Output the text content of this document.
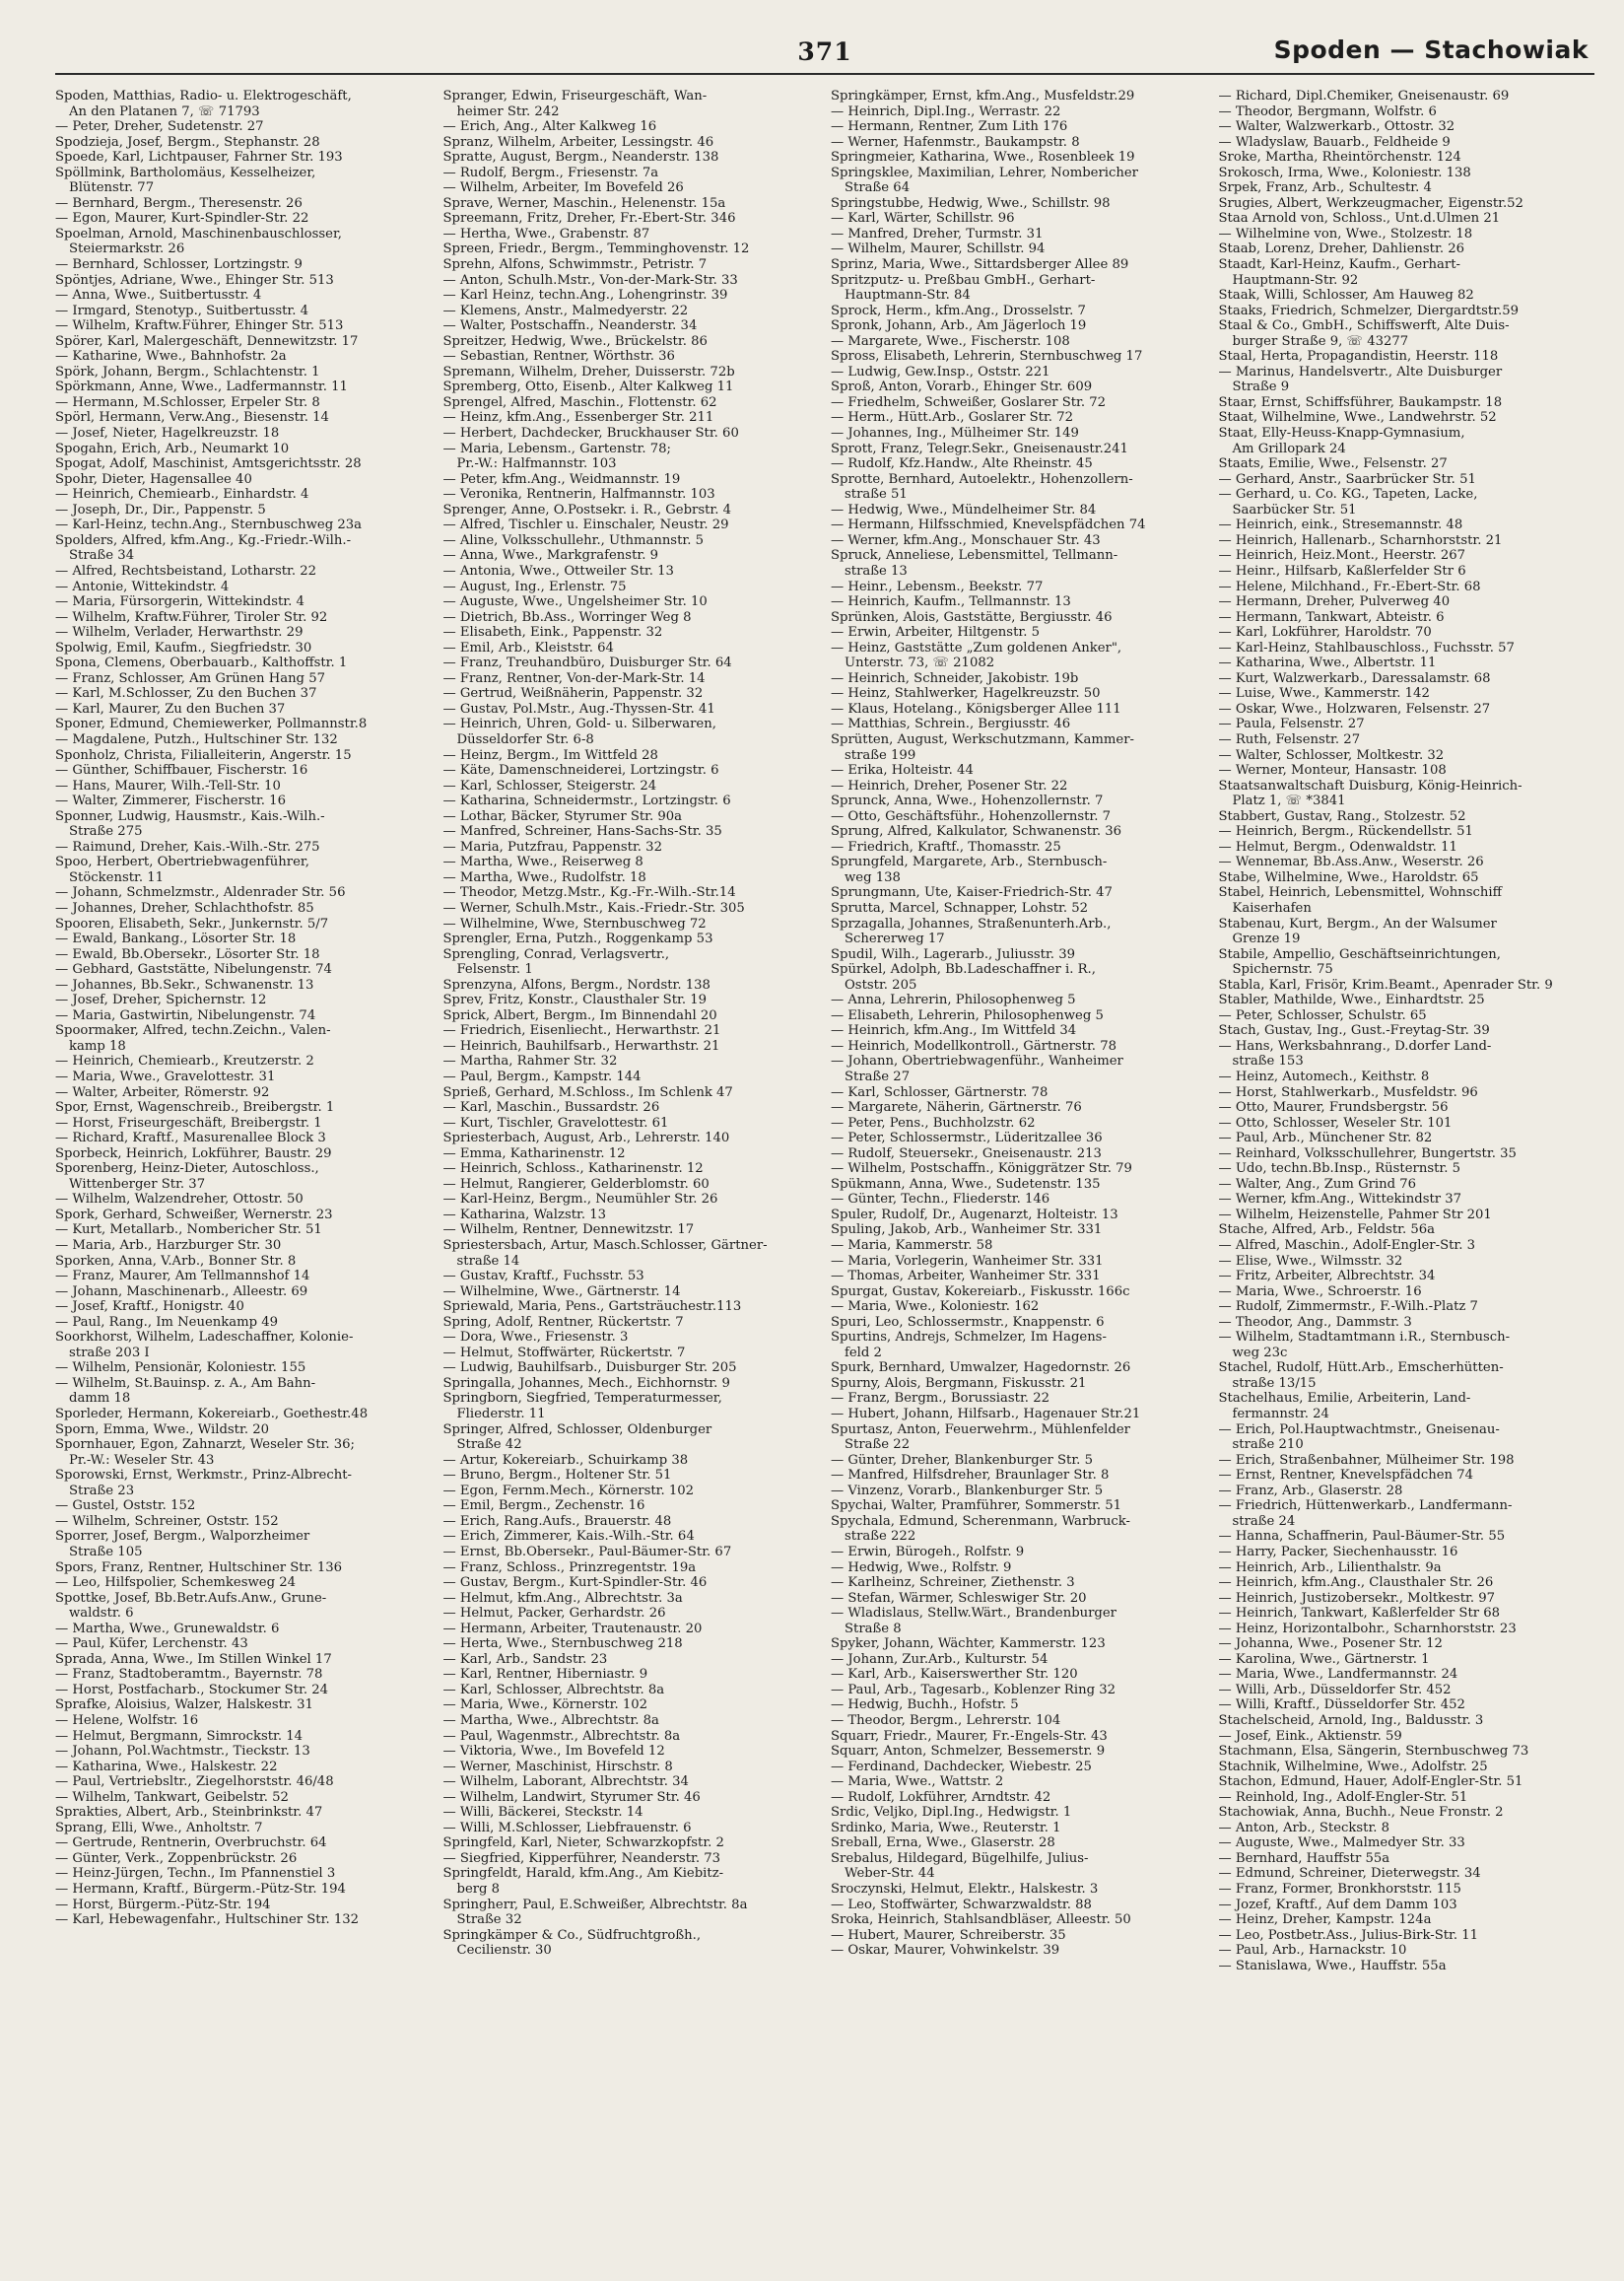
371	Spoden — Stachowiak
Spoden, Matthias, Radio- u. Elektrogeschäft,
An den Platanen 7, ☏ 71793
— Peter, Dreher, Sudetenstr. 27
Spodzieja, Josef, Bergm., Stephanstr. 28
Spoede, Karl, Lichtpauser, Fahrner Str. 193
Spöllmink, Bartholomäus, Kesselheizer,
Blütenstr. 77
— Bernhard, Bergm., Theresenstr. 26
— Egon, Maurer, Kurt-Spindler-Str. 22
Spoelman, Arnold, Maschinenbauschlosser,
Steiermarkstr. 26
— Bernhard, Schlosser, Lortzingstr. 9
Spöntjes, Adriane, Wwe., Ehinger Str. 513
— Anna, Wwe., Suitbertusstr. 4
— Irmgard, Stenotyp., Suitbertusstr. 4
— Wilhelm, Kraftw.Führer, Ehinger Str. 513
Spörer, Karl, Malergeschäft, Dennewitzstr. 17
— Katharine, Wwe., Bahnhofstr. 2a
Spörk, Johann, Bergm., Schlachtenstr. 1
Spörkmann, Anne, Wwe., Ladfermannstr. 11
— Hermann, M.Schlosser, Erpeler Str. 8
Spörl, Hermann, Verw.Ang., Biesenstr. 14
— Josef, Nieter, Hagelkreuzstr. 18
Spogahn, Erich, Arb., Neumarkt 10
Spogat, Adolf, Maschinist, Amtsgerichtsstr. 28
Spohr, Dieter, Hagensallee 40
— Heinrich, Chemiearb., Einhardstr. 4
— Joseph, Dr., Dir., Pappenstr. 5
— Karl-Heinz, techn.Ang., Sternbuschweg 23a
Spolders, Alfred, kfm.Ang., Kg.-Friedr.-Wilh.-
Straße 34
— Alfred, Rechtsbeistand, Lotharstr. 22
— Antonie, Wittekindstr. 4
— Maria, Fürsorgerin, Wittekindstr. 4
— Wilhelm, Kraftw.Führer, Tiroler Str. 92
— Wilhelm, Verlader, Herwarthstr. 29
Spolwig, Emil, Kaufm., Siegfriedstr. 30
Spona, Clemens, Oberbauarb., Kalthoffstr. 1
— Franz, Schlosser, Am Grünen Hang 57
— Karl, M.Schlosser, Zu den Buchen 37
— Karl, Maurer, Zu den Buchen 37
Sponer, Edmund, Chemiewerker, Pollmannstr.8
— Magdalene, Putzh., Hultschiner Str. 132
Sponholz, Christa, Filialleiterin, Angerstr. 15
— Günther, Schiffbauer, Fischerstr. 16
— Hans, Maurer, Wilh.-Tell-Str. 10
— Walter, Zimmerer, Fischerstr. 16
Sponner, Ludwig, Hausmstr., Kais.-Wilh.-
Straße 275
— Raimund, Dreher, Kais.-Wilh.-Str. 275
Spoo, Herbert, Obertriebwagenführer,
Stöckenstr. 11
— Johann, Schmelzmstr., Aldenrader Str. 56
— Johannes, Dreher, Schlachthofstr. 85
Spooren, Elisabeth, Sekr., Junkernstr. 5/7
— Ewald, Bankang., Lösorter Str. 18
— Ewald, Bb.Obersekr., Lösorter Str. 18
— Gebhard, Gaststätte, Nibelungenstr. 74
— Johannes, Bb.Sekr., Schwanenstr. 13
— Josef, Dreher, Spichernstr. 12
— Maria, Gastwirtin, Nibelungenstr. 74
Spoormaker, Alfred, techn.Zeichn., Valen-
kamp 18
— Heinrich, Chemiearb., Kreutzerstr. 2
— Maria, Wwe., Gravelottestr. 31
— Walter, Arbeiter, Römerstr. 92
Spor, Ernst, Wagenschreib., Breibergstr. 1
— Horst, Friseurgeschäft, Breibergstr. 1
— Richard, Kraftf., Masurenallee Block 3
Sporbeck, Heinrich, Lokführer, Baustr. 29
Sporenberg, Heinz-Dieter, Autoschloss.,
Wittenberger Str. 37
— Wilhelm, Walzendreher, Ottostr. 50
Spork, Gerhard, Schweißer, Wernerstr. 23
— Kurt, Metallarb., Nombericher Str. 51
— Maria, Arb., Harzburger Str. 30
Sporken, Anna, V.Arb., Bonner Str. 8
— Franz, Maurer, Am Tellmannshof 14
— Johann, Maschinenarb., Alleestr. 69
— Josef, Kraftf., Honigstr. 40
— Paul, Rang., Im Neuenkamp 49
Soorkhorst, Wilhelm, Ladeschaffner, Kolonie-
straße 203 I
— Wilhelm, Pensionär, Koloniestr. 155
— Wilhelm, St.Bauinsp. z. A., Am Bahn-
damm 18
Sporleder, Hermann, Kokereiarb., Goethestr.48
Sporn, Emma, Wwe., Wildstr. 20
Spornhauer, Egon, Zahnarzt, Weseler Str. 36;
Pr.-W.: Weseler Str. 43
Sporowski, Ernst, Werkmstr., Prinz-Albrecht-
Straße 23
— Gustel, Oststr. 152
— Wilhelm, Schreiner, Oststr. 152
Sporrer, Josef, Bergm., Walporzheimer
Straße 105
Spors, Franz, Rentner, Hultschiner Str. 136
— Leo, Hilfspolier, Schemkesweg 24
Spottke, Josef, Bb.Betr.Aufs.Anw., Grune-
waldstr. 6
— Martha, Wwe., Grunewaldstr. 6
— Paul, Küfer, Lerchenstr. 43
Sprada, Anna, Wwe., Im Stillen Winkel 17
— Franz, Stadtoberamtm., Bayernstr. 78
— Horst, Postfacharb., Stockumer Str. 24
Sprafke, Aloisius, Walzer, Halskestr. 31
— Helene, Wolfstr. 16
— Helmut, Bergmann, Simrockstr. 14
— Johann, Pol.Wachtmstr., Tieckstr. 13
— Katharina, Wwe., Halskestr. 22
— Paul, Vertriebsltr., Ziegelhorststr. 46/48
— Wilhelm, Tankwart, Geibelstr. 52
Sprakties, Albert, Arb., Steinbrinkstr. 47
Sprang, Elli, Wwe., Anholtstr. 7
— Gertrude, Rentnerin, Overbruchstr. 64
— Günter, Verk., Zoppenbrückstr. 26
— Heinz-Jürgen, Techn., Im Pfannenstiel 3
— Hermann, Kraftf., Bürgerm.-Pütz-Str. 194
— Horst, Bürgerm.-Pütz-Str. 194
— Karl, Hebewagenfahr., Hultschiner Str. 132
Spranger, Edwin, Friseurgeschäft, Wan-
heimer Str. 242
— Erich, Ang., Alter Kalkweg 16
Spranz, Wilhelm, Arbeiter, Lessingstr. 46
Spratte, August, Bergm., Neanderstr. 138
— Rudolf, Bergm., Friesenstr. 7a
— Wilhelm, Arbeiter, Im Bovefeld 26
Sprave, Werner, Maschin., Helenenstr. 15a
Spreemann, Fritz, Dreher, Fr.-Ebert-Str. 346
— Hertha, Wwe., Grabenstr. 87
Spreen, Friedr., Bergm., Temminghovenstr. 12
Sprehn, Alfons, Schwimmstr., Petristr. 7
— Anton, Schulh.Mstr., Von-der-Mark-Str. 33
— Karl Heinz, techn.Ang., Lohengrinstr. 39
— Klemens, Anstr., Malmedyerstr. 22
— Walter, Postschaffn., Neanderstr. 34
Spreitzer, Hedwig, Wwe., Brückelstr. 86
— Sebastian, Rentner, Wörthstr. 36
Spremann, Wilhelm, Dreher, Duisserstr. 72b
Spremberg, Otto, Eisenb., Alter Kalkweg 11
Sprengel, Alfred, Maschin., Flottenstr. 62
— Heinz, kfm.Ang., Essenberger Str. 211
— Herbert, Dachdecker, Bruckhauser Str. 60
— Maria, Lebensm., Gartenstr. 78;
Pr.-W.: Halfmannstr. 103
— Peter, kfm.Ang., Weidmannstr. 19
— Veronika, Rentnerin, Halfmannstr. 103
Sprenger, Anne, O.Postsekr. i. R., Gebrstr. 4
— Alfred, Tischler u. Einschaler, Neustr. 29
— Aline, Volksschullehr., Uthmannstr. 5
— Anna, Wwe., Markgrafenstr. 9
— Antonia, Wwe., Ottweiler Str. 13
— August, Ing., Erlenstr. 75
— Auguste, Wwe., Ungelsheimer Str. 10
— Dietrich, Bb.Ass., Worringer Weg 8
— Elisabeth, Eink., Pappenstr. 32
— Emil, Arb., Kleiststr. 64
— Franz, Treuhandbüro, Duisburger Str. 64
— Franz, Rentner, Von-der-Mark-Str. 14
— Gertrud, Weißnäherin, Pappenstr. 32
— Gustav, Pol.Mstr., Aug.-Thyssen-Str. 41
— Heinrich, Uhren, Gold- u. Silberwaren,
Düsseldorfer Str. 6-8
— Heinz, Bergm., Im Wittfeld 28
— Käte, Damenschneiderei, Lortzingstr. 6
— Karl, Schlosser, Steigerstr. 24
— Katharina, Schneidermstr., Lortzingstr. 6
— Lothar, Bäcker, Styrumer Str. 90a
— Manfred, Schreiner, Hans-Sachs-Str. 35
— Maria, Putzfrau, Pappenstr. 32
— Martha, Wwe., Reiserweg 8
— Martha, Wwe., Rudolfstr. 18
— Theodor, Metzg.Mstr., Kg.-Fr.-Wilh.-Str.14
— Werner, Schulh.Mstr., Kais.-Friedr.-Str. 305
— Wilhelmine, Wwe, Sternbuschweg 72
Sprengler, Erna, Putzh., Roggenkamp 53
Sprengling, Conrad, Verlagsvertr.,
Felsenstr. 1
Sprenzyna, Alfons, Bergm., Nordstr. 138
Sprev, Fritz, Konstr., Clausthaler Str. 19
Sprick, Albert, Bergm., Im Binnendahl 20
— Friedrich, Eisenliecht., Herwarthstr. 21
— Heinrich, Bauhilfsarb., Herwarthstr. 21
— Martha, Rahmer Str. 32
— Paul, Bergm., Kampstr. 144
Sprieß, Gerhard, M.Schloss., Im Schlenk 47
— Karl, Maschin., Bussardstr. 26
— Kurt, Tischler, Gravelottestr. 61
Spriesterbach, August, Arb., Lehrerstr. 140
— Emma, Katharinenstr. 12
— Heinrich, Schloss., Katharinenstr. 12
— Helmut, Rangierer, Gelderblomstr. 60
— Karl-Heinz, Bergm., Neumühler Str. 26
— Katharina, Walzstr. 13
— Wilhelm, Rentner, Dennewitzstr. 17
Spriestersbach, Artur, Masch.Schlosser, Gärtner-
straße 14
— Gustav, Kraftf., Fuchsstr. 53
— Wilhelmine, Wwe., Gärtnerstr. 14
Spriewald, Maria, Pens., Gartsträuchestr.113
Spring, Adolf, Rentner, Rückertstr. 7
— Dora, Wwe., Friesenstr. 3
— Helmut, Stoffwärter, Rückertstr. 7
— Ludwig, Bauhilfsarb., Duisburger Str. 205
Springalla, Johannes, Mech., Eichhornstr. 9
Springborn, Siegfried, Temperaturmesser,
Fliederstr. 11
Springer, Alfred, Schlosser, Oldenburger
Straße 42
— Artur, Kokereiarb., Schuirkamp 38
— Bruno, Bergm., Holtener Str. 51
— Egon, Fernm.Mech., Körnerstr. 102
— Emil, Bergm., Zechenstr. 16
— Erich, Rang.Aufs., Brauerstr. 48
— Erich, Zimmerer, Kais.-Wilh.-Str. 64
— Ernst, Bb.Obersekr., Paul-Bäumer-Str. 67
— Franz, Schloss., Prinzregentstr. 19a
— Gustav, Bergm., Kurt-Spindler-Str. 46
— Helmut, kfm.Ang., Albrechtstr. 3a
— Helmut, Packer, Gerhardstr. 26
— Hermann, Arbeiter, Trautenaustr. 20
— Herta, Wwe., Sternbuschweg 218
— Karl, Arb., Sandstr. 23
— Karl, Rentner, Hiberniastr. 9
— Karl, Schlosser, Albrechtstr. 8a
— Maria, Wwe., Körnerstr. 102
— Martha, Wwe., Albrechtstr. 8a
— Paul, Wagenmstr., Albrechtstr. 8a
— Viktoria, Wwe., Im Bovefeld 12
— Werner, Maschinist, Hirschstr. 8
— Wilhelm, Laborant, Albrechtstr. 34
— Wilhelm, Landwirt, Styrumer Str. 46
— Willi, Bäckerei, Steckstr. 14
— Willi, M.Schlosser, Liebfrauenstr. 6
Springfeld, Karl, Nieter, Schwarzkopfstr. 2
— Siegfried, Kipperführer, Neanderstr. 73
Springfeldt, Harald, kfm.Ang., Am Kiebitz-
berg 8
Springherr, Paul, E.Schweißer, Albrechtstr. 8a
Straße 32
Springkämper & Co., Südfruchtgroßh.,
Cecilienstr. 30
Springkämper, Ernst, kfm.Ang., Musfeldstr.29
— Heinrich, Dipl.Ing., Werrastr. 22
— Hermann, Rentner, Zum Lith 176
— Werner, Hafenmstr., Baukampstr. 8
Springmeier, Katharina, Wwe., Rosenbleek 19
Springsklee, Maximilian, Lehrer, Nombericher
Straße 64
Springstubbe, Hedwig, Wwe., Schillstr. 98
— Karl, Wärter, Schillstr. 96
— Manfred, Dreher, Turmstr. 31
— Wilhelm, Maurer, Schillstr. 94
Sprinz, Maria, Wwe., Sittardsberger Allee 89
Spritzputz- u. Preßbau GmbH., Gerhart-
Hauptmann-Str. 84
Sprock, Herm., kfm.Ang., Drosselstr. 7
Spronk, Johann, Arb., Am Jägerloch 19
— Margarete, Wwe., Fischerstr. 108
Spross, Elisabeth, Lehrerin, Sternbuschweg 17
— Ludwig, Gew.Insp., Oststr. 221
Sproß, Anton, Vorarb., Ehinger Str. 609
— Friedhelm, Schweißer, Goslarer Str. 72
— Herm., Hütt.Arb., Goslarer Str. 72
— Johannes, Ing., Mülheimer Str. 149
Sprott, Franz, Telegr.Sekr., Gneisenaustr.241
— Rudolf, Kfz.Handw., Alte Rheinstr. 45
Sprotte, Bernhard, Autoelektr., Hohenzollern-
straße 51
— Hedwig, Wwe., Mündelheimer Str. 84
— Hermann, Hilfsschmied, Knevelspfädchen 74
— Werner, kfm.Ang., Monschauer Str. 43
Spruck, Anneliese, Lebensmittel, Tellmann-
straße 13
— Heinr., Lebensm., Beekstr. 77
— Heinrich, Kaufm., Tellmannstr. 13
Sprünken, Alois, Gaststätte, Bergiusstr. 46
— Erwin, Arbeiter, Hiltgenstr. 5
— Heinz, Gaststätte „Zum goldenen Anker",
Unterstr. 73, ☏ 21082
— Heinrich, Schneider, Jakobistr. 19b
— Heinz, Stahlwerker, Hagelkreuzstr. 50
— Klaus, Hotelang., Königsberger Allee 111
— Matthias, Schrein., Bergiusstr. 46
Sprütten, August, Werkschutzmann, Kammer-
straße 199
— Erika, Holteistr. 44
— Heinrich, Dreher, Posener Str. 22
Sprunck, Anna, Wwe., Hohenzollernstr. 7
— Otto, Geschäftsführ., Hohenzollernstr. 7
Sprung, Alfred, Kalkulator, Schwanenstr. 36
— Friedrich, Kraftf., Thomasstr. 25
Sprungfeld, Margarete, Arb., Sternbusch-
weg 138
Sprungmann, Ute, Kaiser-Friedrich-Str. 47
Sprutta, Marcel, Schnapper, Lohstr. 52
Sprzagalla, Johannes, Straßenunterh.Arb.,
Schererweg 17
Spudil, Wilh., Lagerarb., Juliusstr. 39
Spürkel, Adolph, Bb.Ladeschaffner i. R.,
Oststr. 205
— Anna, Lehrerin, Philosophenweg 5
— Elisabeth, Lehrerin, Philosophenweg 5
— Heinrich, kfm.Ang., Im Wittfeld 34
— Heinrich, Modellkontroll., Gärtnerstr. 78
— Johann, Obertriebwagenführ., Wanheimer
Straße 27
— Karl, Schlosser, Gärtnerstr. 78
— Margarete, Näherin, Gärtnerstr. 76
— Peter, Pens., Buchholzstr. 62
— Peter, Schlossermstr., Lüderitzallee 36
— Rudolf, Steuersekr., Gneisenaustr. 213
— Wilhelm, Postschaffn., Königgrätzer Str. 79
Spükmann, Anna, Wwe., Sudetenstr. 135
— Günter, Techn., Fliederstr. 146
Spuler, Rudolf, Dr., Augenarzt, Holteistr. 13
Spuling, Jakob, Arb., Wanheimer Str. 331
— Maria, Kammerstr. 58
— Maria, Vorlegerin, Wanheimer Str. 331
— Thomas, Arbeiter, Wanheimer Str. 331
Spurgat, Gustav, Kokereiarb., Fiskusstr. 166c
— Maria, Wwe., Koloniestr. 162
Spuri, Leo, Schlossermstr., Knappenstr. 6
Spurtins, Andrejs, Schmelzer, Im Hagens-
feld 2
Spurk, Bernhard, Umwalzer, Hagedornstr. 26
Spurny, Alois, Bergmann, Fiskusstr. 21
— Franz, Bergm., Borussiastr. 22
— Hubert, Johann, Hilfsarb., Hagenauer Str.21
Spurtasz, Anton, Feuerwehrm., Mühlenfelder
Straße 22
— Günter, Dreher, Blankenburger Str. 5
— Manfred, Hilfsdreher, Braunlager Str. 8
— Vinzenz, Vorarb., Blankenburger Str. 5
Spychai, Walter, Pramführer, Sommerstr. 51
Spychala, Edmund, Scherenmann, Warbruck-
straße 222
— Erwin, Bürogeh., Rolfstr. 9
— Hedwig, Wwe., Rolfstr. 9
— Karlheinz, Schreiner, Ziethenstr. 3
— Stefan, Wärmer, Schleswiger Str. 20
— Wladislaus, Stellw.Wärt., Brandenburger
Straße 8
Spyker, Johann, Wächter, Kammerstr. 123
— Johann, Zur.Arb., Kulturstr. 54
— Karl, Arb., Kaiserswerther Str. 120
— Paul, Arb., Tagesarb., Koblenzer Ring 32
— Hedwig, Buchh., Hofstr. 5
— Theodor, Bergm., Lehrerstr. 104
Squarr, Friedr., Maurer, Fr.-Engels-Str. 43
Squarr, Anton, Schmelzer, Bessemerstr. 9
— Ferdinand, Dachdecker, Wiebestr. 25
— Maria, Wwe., Wattstr. 2
— Rudolf, Lokführer, Arndtstr. 42
Srdic, Veljko, Dipl.Ing., Hedwigstr. 1
Srdinko, Maria, Wwe., Reuterstr. 1
Sreball, Erna, Wwe., Glaserstr. 28
Srebalus, Hildegard, Bügelhilfe, Julius-
Weber-Str. 44
Sroczynski, Helmut, Elektr., Halskestr. 3
— Leo, Stoffwärter, Schwarzwaldstr. 88
Sroka, Heinrich, Stahlsandbläser, Alleestr. 50
— Hubert, Maurer, Schreiberstr. 35
— Oskar, Maurer, Vohwinkelstr. 39
— Richard, Dipl.Chemiker, Gneisenaustr. 69
— Theodor, Bergmann, Wolfstr. 6
— Walter, Walzwerkarb., Ottostr. 32
— Wladyslaw, Bauarb., Feldheide 9
Sroke, Martha, Rheintörchenstr. 124
Srokosch, Irma, Wwe., Koloniestr. 138
Srpek, Franz, Arb., Schultestr. 4
Srugies, Albert, Werkzeugmacher, Eigenstr.52
Staa Arnold von, Schloss., Unt.d.Ulmen 21
— Wilhelmine von, Wwe., Stolzestr. 18
Staab, Lorenz, Dreher, Dahlienstr. 26
Staadt, Karl-Heinz, Kaufm., Gerhart-
Hauptmann-Str. 92
Staak, Willi, Schlosser, Am Hauweg 82
Staaks, Friedrich, Schmelzer, Diergardtstr.59
Staal & Co., GmbH., Schiffswerft, Alte Duis-
burger Straße 9, ☏ 43277
Staal, Herta, Propagandistin, Heerstr. 118
— Marinus, Handelsvertr., Alte Duisburger
Straße 9
Staar, Ernst, Schiffsführer, Baukampstr. 18
Staat, Wilhelmine, Wwe., Landwehrstr. 52
Staat, Elly-Heuss-Knapp-Gymnasium,
Am Grillopark 24
Staats, Emilie, Wwe., Felsenstr. 27
— Gerhard, Anstr., Saarbrücker Str. 51
— Gerhard, u. Co. KG., Tapeten, Lacke,
Saarbücker Str. 51
— Heinrich, eink., Stresemannstr. 48
— Heinrich, Hallenarb., Scharnhorststr. 21
— Heinrich, Heiz.Mont., Heerstr. 267
— Heinr., Hilfsarb, Kaßlerfelder Str 6
— Helene, Milchhand., Fr.-Ebert-Str. 68
— Hermann, Dreher, Pulverweg 40
— Hermann, Tankwart, Abteistr. 6
— Karl, Lokführer, Haroldstr. 70
— Karl-Heinz, Stahlbauschloss., Fuchsstr. 57
— Katharina, Wwe., Albertstr. 11
— Kurt, Walzwerkarb., Daressalamstr. 68
— Luise, Wwe., Kammerstr. 142
— Oskar, Wwe., Holzwaren, Felsenstr. 27
— Paula, Felsenstr. 27
— Ruth, Felsenstr. 27
— Walter, Schlosser, Moltkestr. 32
— Werner, Monteur, Hansastr. 108
Staatsanwaltschaft Duisburg, König-Heinrich-
Platz 1, ☏ *3841
Stabbert, Gustav, Rang., Stolzestr. 52
— Heinrich, Bergm., Rückendellstr. 51
— Helmut, Bergm., Odenwaldstr. 11
— Wennemar, Bb.Ass.Anw., Weserstr. 26
Stabe, Wilhelmine, Wwe., Haroldstr. 65
Stabel, Heinrich, Lebensmittel, Wohnschiff
Kaiserhafen
Stabenau, Kurt, Bergm., An der Walsumer
Grenze 19
Stabile, Ampellio, Geschäftseinrichtungen,
Spichernstr. 75
Stabla, Karl, Frisör, Krim.Beamt., Apenrader Str. 9
Stabler, Mathilde, Wwe., Einhardtstr. 25
— Peter, Schlosser, Schulstr. 65
Stach, Gustav, Ing., Gust.-Freytag-Str. 39
— Hans, Werksbahnrang., D.dorfer Land-
straße 153
— Heinz, Automech., Keithstr. 8
— Horst, Stahlwerkarb., Musfeldstr. 96
— Otto, Maurer, Frundsbergstr. 56
— Otto, Schlosser, Weseler Str. 101
— Paul, Arb., Münchener Str. 82
— Reinhard, Volksschullehrer, Bungertstr. 35
— Udo, techn.Bb.Insp., Rüsternstr. 5
— Walter, Ang., Zum Grind 76
— Werner, kfm.Ang., Wittekindstr 37
— Wilhelm, Heizenstelle, Pahmer Str 201
Stache, Alfred, Arb., Feldstr. 56a
— Alfred, Maschin., Adolf-Engler-Str. 3
— Elise, Wwe., Wilmsstr. 32
— Fritz, Arbeiter, Albrechtstr. 34
— Maria, Wwe., Schroerstr. 16
— Rudolf, Zimmermstr., F.-Wilh.-Platz 7
— Theodor, Ang., Dammstr. 3
— Wilhelm, Stadtamtmann i.R., Sternbusch-
weg 23c
Stachel, Rudolf, Hütt.Arb., Emscherhütten-
straße 13/15
Stachelhaus, Emilie, Arbeiterin, Land-
fermannstr. 24
— Erich, Pol.Hauptwachtmstr., Gneisenau-
straße 210
— Erich, Straßenbahner, Mülheimer Str. 198
— Ernst, Rentner, Knevelspfädchen 74
— Franz, Arb., Glaserstr. 28
— Friedrich, Hüttenwerkarb., Landfermann-
straße 24
— Hanna, Schaffnerin, Paul-Bäumer-Str. 55
— Harry, Packer, Siechenhausstr. 16
— Heinrich, Arb., Lilienthalstr. 9a
— Heinrich, kfm.Ang., Clausthaler Str. 26
— Heinrich, Justizobersekr., Moltkestr. 97
— Heinrich, Tankwart, Kaßlerfelder Str 68
— Heinz, Horizontalbohr., Scharnhorststr. 23
— Johanna, Wwe., Posener Str. 12
— Karolina, Wwe., Gärtnerstr. 1
— Maria, Wwe., Landfermannstr. 24
— Willi, Arb., Düsseldorfer Str. 452
— Willi, Kraftf., Düsseldorfer Str. 452
Stachelscheid, Arnold, Ing., Baldusstr. 3
— Josef, Eink., Aktienstr. 59
Stachmann, Elsa, Sängerin, Sternbuschweg 73
Stachnik, Wilhelmine, Wwe., Adolfstr. 25
Stachon, Edmund, Hauer, Adolf-Engler-Str. 51
— Reinhold, Ing., Adolf-Engler-Str. 51
Stachowiak, Anna, Buchh., Neue Fronstr. 2
— Anton, Arb., Steckstr. 8
— Auguste, Wwe., Malmedyer Str. 33
— Bernhard, Hauffstr 55a
— Edmund, Schreiner, Dieterwegstr. 34
— Franz, Former, Bronkhorststr. 115
— Jozef, Kraftf., Auf dem Damm 103
— Heinz, Dreher, Kampstr. 124a
— Leo, Postbetr.Ass., Julius-Birk-Str. 11
— Paul, Arb., Harnackstr. 10
— Stanislawa, Wwe., Hauffstr. 55a
